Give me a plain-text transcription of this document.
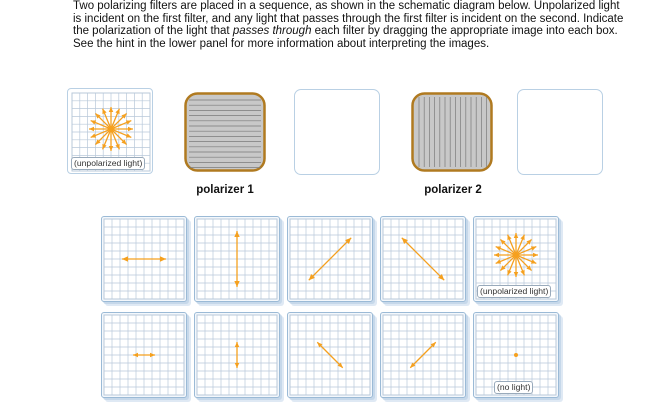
Two polarizing filters are placed in a sequence, as shown in the schematic diagram below. Unpolarized light
is incident on the first filter, and any light that passes through the first filter is incident on the second. Indicate
the polarization of the light that passes through each filter by dragging the appropriate image into each box.
See the hint in the lower panel for more information about interpreting the images.
(unpolarized light)
polarizer 1	polarizer 2
(unpolarized light)
(no light)
